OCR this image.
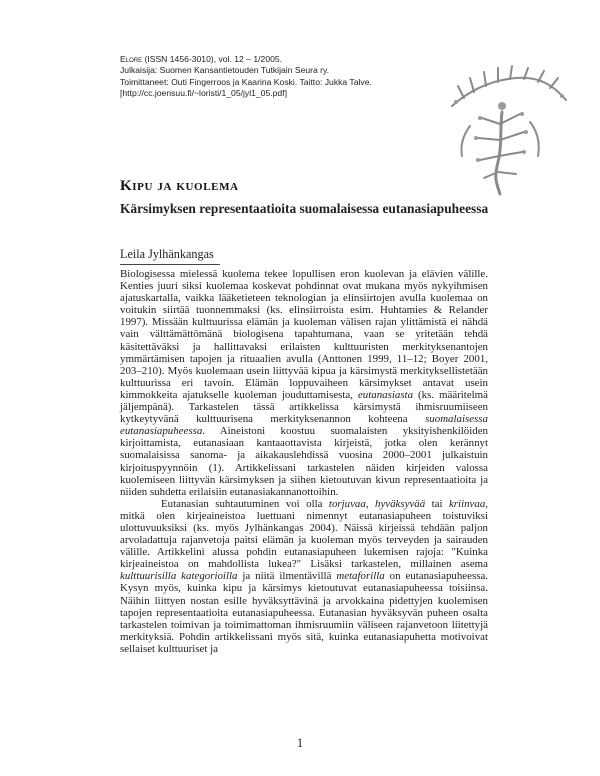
Elore (ISSN 1456-3010), vol. 12 – 1/2005.
Julkaisija: Suomen Kansantietouden Tutkijain Seura ry.
Toimittaneet: Outi Fingerroos ja Kaarina Koski. Taitto: Jukka Talve.
[http://cc.joensuu.fi/~loristi/1_05/jyl1_05.pdf]
Kipu ja kuolema
Kärsimyksen representaatioita suomalaisessa eutanasiapuheessa
Leila Jylhänkangas

Biologisessa mielessä kuolema tekee lopullisen eron kuolevan ja elävien välille. Kenties juuri siksi kuolemaa koskevat pohdinnat ovat mukana myös nykyihmisen ajatuskartalla, vaikka lääketieteen teknologian ja elinsiirtojen avulla kuolemaa on voitukin siirtää tuonnemmaksi (ks. elinsiirroista esim. Huhtamies & Relander 1997). Missään kulttuurissa elämän ja kuoleman välisen rajan ylittämistä ei nähdä vain välttämättömänä biologisena tapahtumana, vaan se yritetään tehdä käsitettäväksi ja hallittavaksi erilaisten kulttuuristen merkityksenantojen ymmärtämisen tapojen ja rituaalien avulla (Anttonen 1999, 11–12; Boyer 2001, 203–210). Myös kuolemaan usein liittyvää kipua ja kärsimystä merkityksellistetään kulttuurissa eri tavoin. Elämän loppuvaiheen kärsimykset antavat usein kimmokkeita ajatukselle kuoleman jouduttamisesta, eutanasiasta (ks. määritelmä jäljempänä). Tarkastelen tässä artikkelissa kärsimystä ihmisruumiiseen kytkeytyvänä kulttuurisena merkityksenannon kohteena suomalaisessa eutanasiapuheessa. Aineistoni koostuu suomalaisten yksityishenkilöiden kirjoittamista, eutanasiaan kantaaottavista kirjeistä, jotka olen kerännyt suomalaisissa sanoma- ja aikakauslehdissä vuosina 2000–2001 julkaistuin kirjoituspyynnöin (1). Artikkelissani tarkastelen näiden kirjeiden valossa kuolemiseen liittyvän kärsimyksen ja siihen kietoutuvan kivun representaatioita ja niiden suhdetta erilaisiin eutanasiakannanottoihin.

Eutanasian suhtautuminen voi olla torjuvaa, hyväksyvää tai kriinvaa, mitkä olen kirjeaineistoa luettuani nimennyt eutanasiapuheen toistuviksi ulottuvuuksiksi (ks. myös Jylhänkangas 2004). Näissä kirjeissä tehdään paljon arvoladattuja rajanvetoja paitsi elämän ja kuoleman myös terveyden ja sairauden välille. Artikkelini alussa pohdin eutanasiapuheen lukemisen rajoja: "Kuinka kirjeaineistoa on mahdollista lukea?" Lisäksi tarkastelen, millainen asema kulttuurisilla kategorioilla ja niitä ilmentävillä metaforilla on eutanasiapuheessa. Kysyn myös, kuinka kipu ja kärsimys kietoutuvat eutanasiapuheessa toisiinsa. Näihin liittyen nostan esille hyväksyttävinä ja arvokkaina pidettyjen kuolemisen tapojen representaatioita eutanasiapuheessa. Eutanasian hyväksyvän puheen osalta tarkastelen toimivan ja toimimattoman ihmisruumiin väliseen rajanvetoon liitettyjä merkityksiä. Pohdin artikkelissani myös sitä, kuinka eutanasiapuhetta motivoivat sellaiset kulttuuriset ja

1
